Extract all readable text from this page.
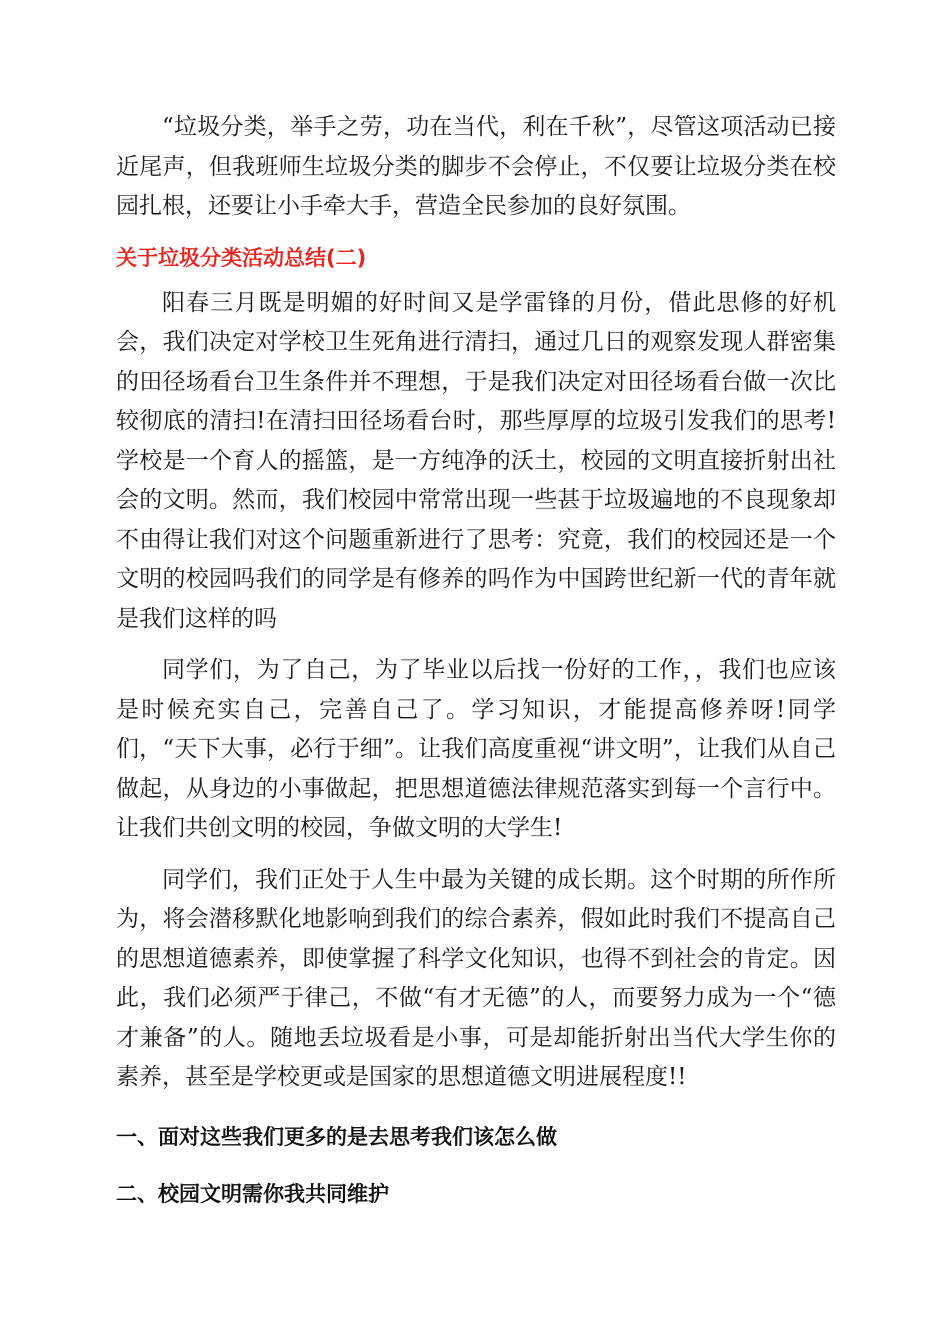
“垃圾分类，举手之劳，功在当代，利在千秋”，尽管这项活动已接近尾声，但我班师生垃圾分类的脚步不会停止，不仅要让垃圾分类在校园扎根，还要让小手牵大手，营造全民参加的良好氛围。

关于垃圾分类活动总结(二)

阳春三月既是明媚的好时间又是学雷锋的月份，借此思修的好机会，我们决定对学校卫生死角进行清扫，通过几日的观察发现人群密集的田径场看台卫生条件并不理想，于是我们决定对田径场看台做一次比较彻底的清扫!在清扫田径场看台时，那些厚厚的垃圾引发我们的思考!学校是一个育人的摇篮，是一方纯净的沃土，校园的文明直接折射出社会的文明。然而，我们校园中常常出现一些甚于垃圾遍地的不良现象却不由得让我们对这个问题重新进行了思考：究竟，我们的校园还是一个文明的校园吗我们的同学是有修养的吗作为中国跨世纪新一代的青年就是我们这样的吗

同学们，为了自己，为了毕业以后找一份好的工作，，我们也应该是时候充实自己，完善自己了。学习知识，才能提高修养呀!同学们，“天下大事，必行于细”。让我们高度重视“讲文明”，让我们从自己做起，从身边的小事做起，把思想道德法律规范落实到每一个言行中。让我们共创文明的校园，争做文明的大学生!

同学们，我们正处于人生中最为关键的成长期。这个时期的所作所为，将会潜移默化地影响到我们的综合素养，假如此时我们不提高自己的思想道德素养，即使掌握了科学文化知识，也得不到社会的肯定。因此，我们必须严于律己，不做“有才无德”的人，而要努力成为一个“德才兼备”的人。随地丢垃圾看是小事，可是却能折射出当代大学生你的素养，甚至是学校更或是国家的思想道德文明进展程度!!

一、面对这些我们更多的是去思考我们该怎么做
二、校园文明需你我共同维护
